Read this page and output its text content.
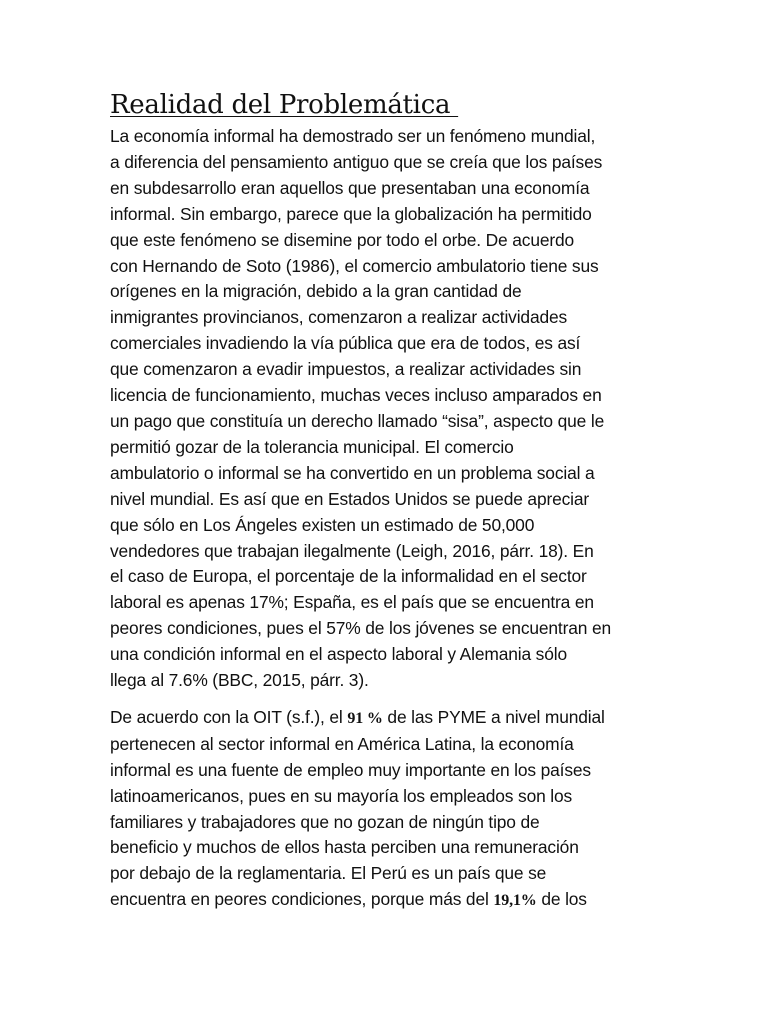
Realidad del Problemática

La economía informal ha demostrado ser un fenómeno mundial,
a diferencia del pensamiento antiguo que se creía que los países
en subdesarrollo eran aquellos que presentaban una economía
informal. Sin embargo, parece que la globalización ha permitido
que este fenómeno se disemine por todo el orbe. De acuerdo
con Hernando de Soto (1986), el comercio ambulatorio tiene sus
orígenes en la migración, debido a la gran cantidad de
inmigrantes provincianos, comenzaron a realizar actividades
comerciales invadiendo la vía pública que era de todos, es así
que comenzaron a evadir impuestos, a realizar actividades sin
licencia de funcionamiento, muchas veces incluso amparados en
un pago que constituía un derecho llamado “sisa”, aspecto que le
permitió gozar de la tolerancia municipal. El comercio
ambulatorio o informal se ha convertido en un problema social a
nivel mundial. Es así que en Estados Unidos se puede apreciar
que sólo en Los Ángeles existen un estimado de 50,000
vendedores que trabajan ilegalmente (Leigh, 2016, párr. 18). En
el caso de Europa, el porcentaje de la informalidad en el sector
laboral es apenas 17%; España, es el país que se encuentra en
peores condiciones, pues el 57% de los jóvenes se encuentran en
una condición informal en el aspecto laboral y Alemania sólo
llega al 7.6% (BBC, 2015, párr. 3).

De acuerdo con la OIT (s.f.), el 91 % de las PYME a nivel mundial
pertenecen al sector informal en América Latina, la economía
informal es una fuente de empleo muy importante en los países
latinoamericanos, pues en su mayoría los empleados son los
familiares y trabajadores que no gozan de ningún tipo de
beneficio y muchos de ellos hasta perciben una remuneración
por debajo de la reglamentaria. El Perú es un país que se
encuentra en peores condiciones, porque más del 19,1% de los
